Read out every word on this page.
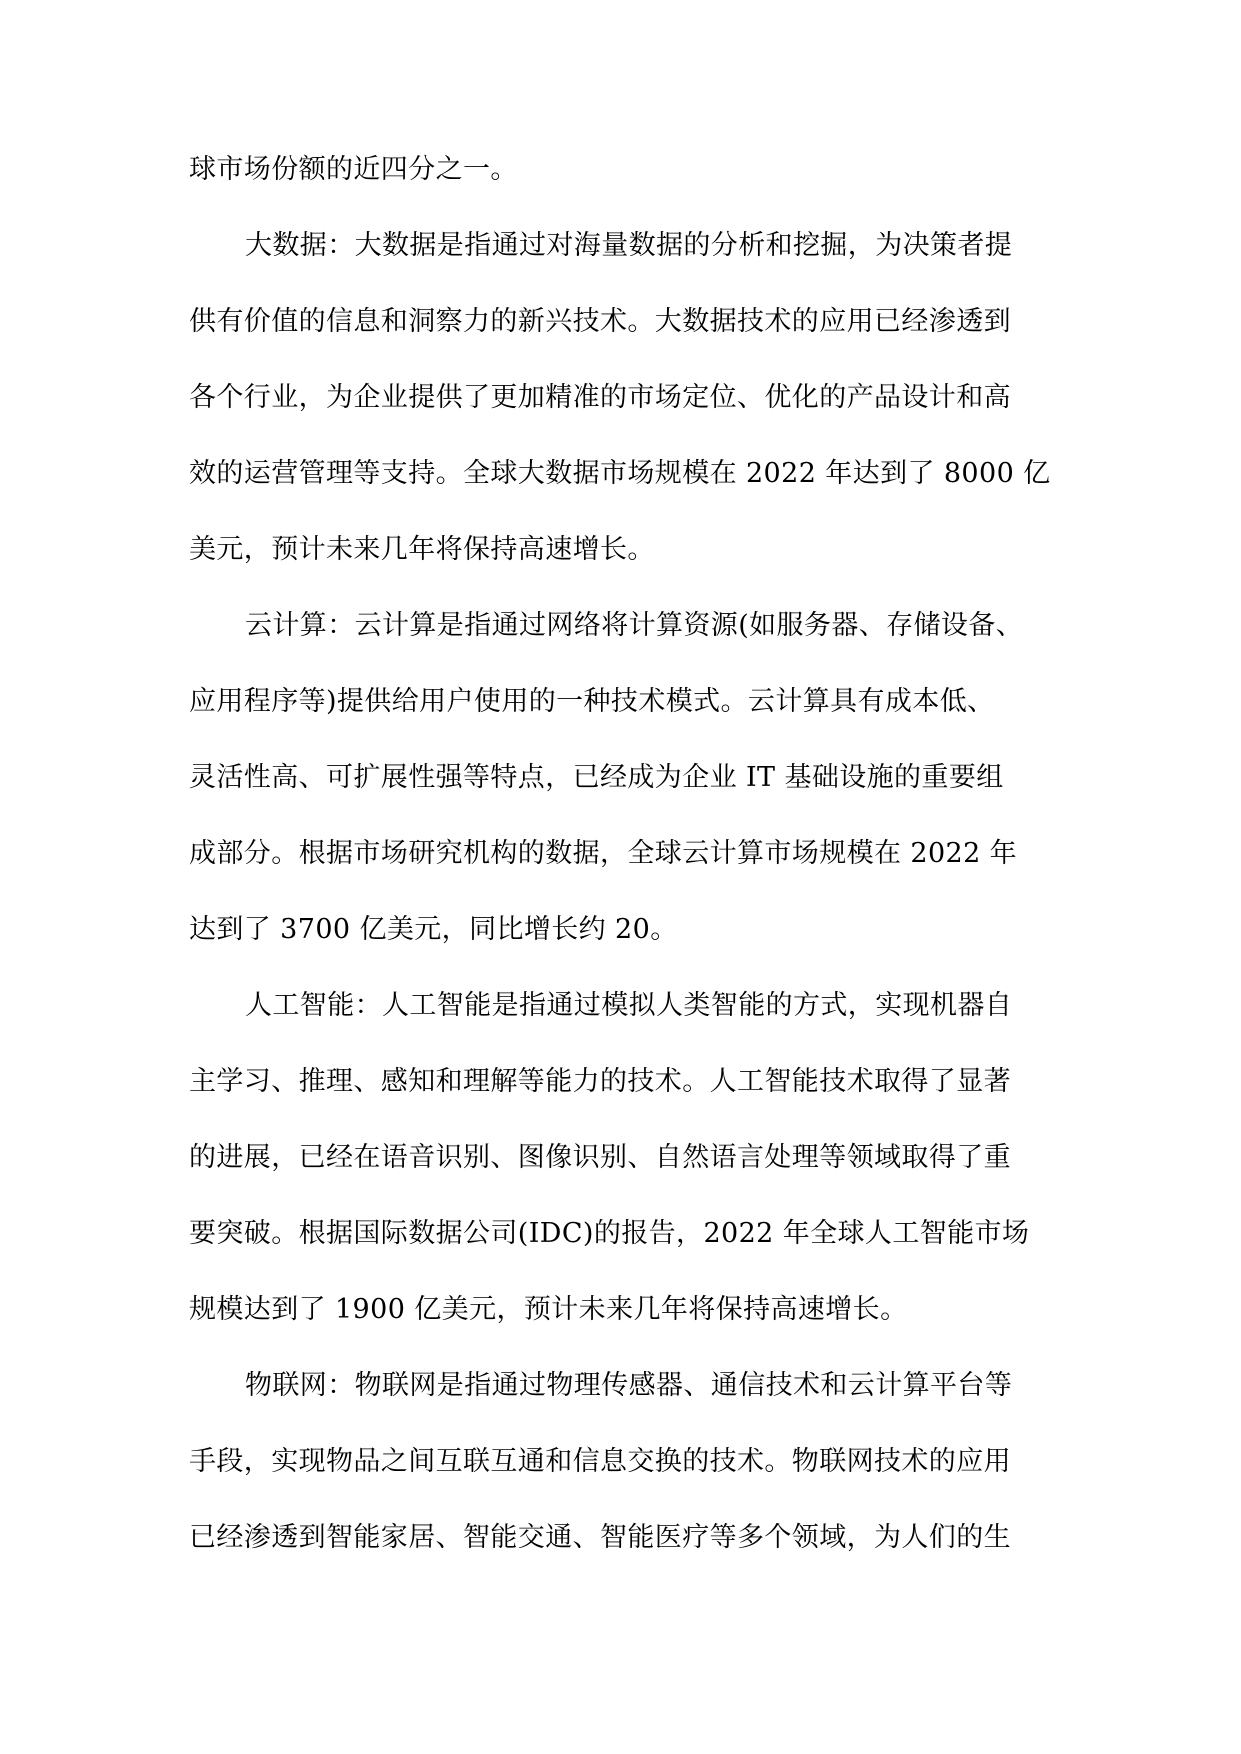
球市场份额的近四分之一。
大数据：大数据是指通过对海量数据的分析和挖掘，为决策者提
供有价值的信息和洞察力的新兴技术。大数据技术的应用已经渗透到
各个行业，为企业提供了更加精准的市场定位、优化的产品设计和高
效的运营管理等支持。全球大数据市场规模在 2022 年达到了 8000 亿
美元，预计未来几年将保持高速增长。
云计算：云计算是指通过网络将计算资源(如服务器、存储设备、
应用程序等)提供给用户使用的一种技术模式。云计算具有成本低、
灵活性高、可扩展性强等特点，已经成为企业 IT 基础设施的重要组
成部分。根据市场研究机构的数据，全球云计算市场规模在 2022 年
达到了 3700 亿美元，同比增长约 20。
人工智能：人工智能是指通过模拟人类智能的方式，实现机器自
主学习、推理、感知和理解等能力的技术。人工智能技术取得了显著
的进展，已经在语音识别、图像识别、自然语言处理等领域取得了重
要突破。根据国际数据公司(IDC)的报告，2022 年全球人工智能市场
规模达到了 1900 亿美元，预计未来几年将保持高速增长。
物联网：物联网是指通过物理传感器、通信技术和云计算平台等
手段，实现物品之间互联互通和信息交换的技术。物联网技术的应用
已经渗透到智能家居、智能交通、智能医疗等多个领域，为人们的生
